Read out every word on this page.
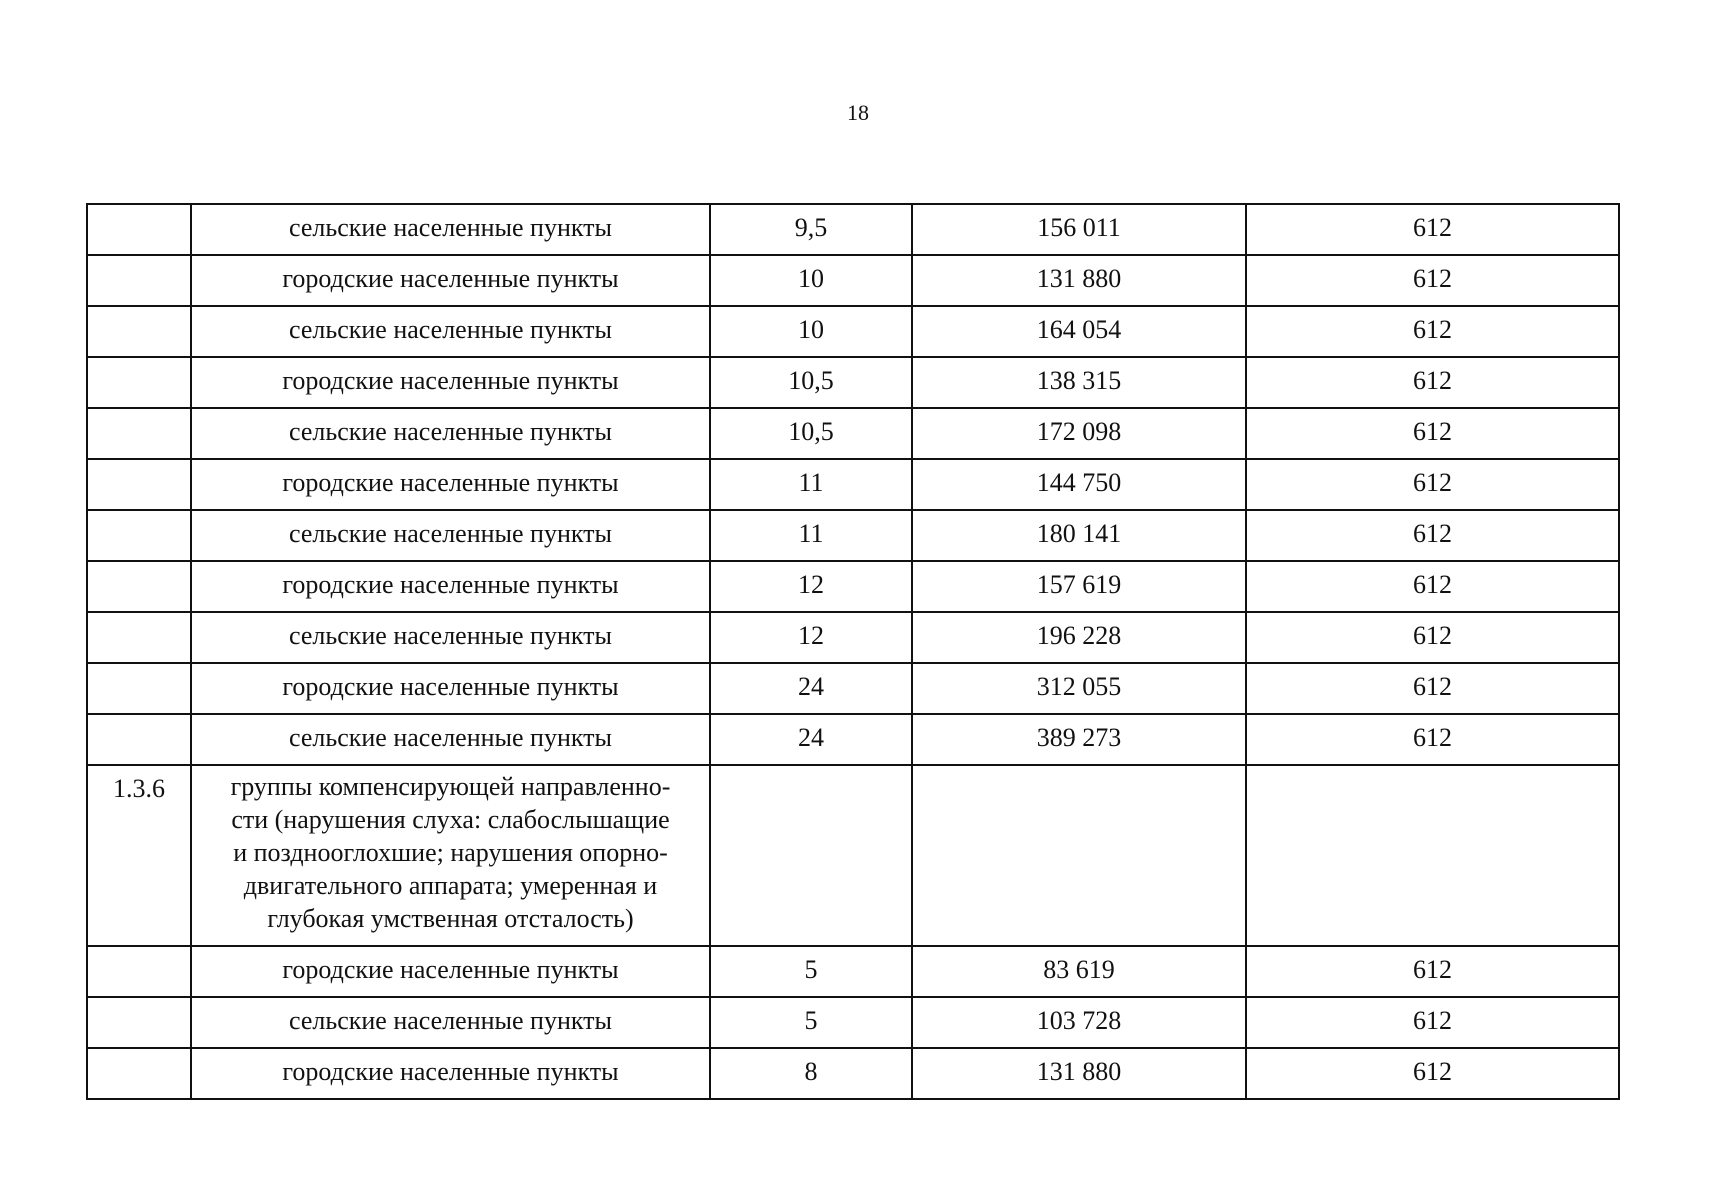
18
	сельские населенные пункты	9,5	156 011	612
	городские населенные пункты	10	131 880	612
	сельские населенные пункты	10	164 054	612
	городские населенные пункты	10,5	138 315	612
	сельские населенные пункты	10,5	172 098	612
	городские населенные пункты	11	144 750	612
	сельские населенные пункты	11	180 141	612
	городские населенные пункты	12	157 619	612
	сельские населенные пункты	12	196 228	612
	городские населенные пункты	24	312 055	612
	сельские населенные пункты	24	389 273	612
1.3.6	группы компенсирующей направленно-
сти (нарушения слуха: слабослышащие
и позднооглохшие; нарушения опорно-
двигательного аппарата; умеренная и
глубокая умственная отсталость)			

	городские населенные пункты	5	83 619	612
	сельские населенные пункты	5	103 728	612
	городские населенные пункты	8	131 880	612
